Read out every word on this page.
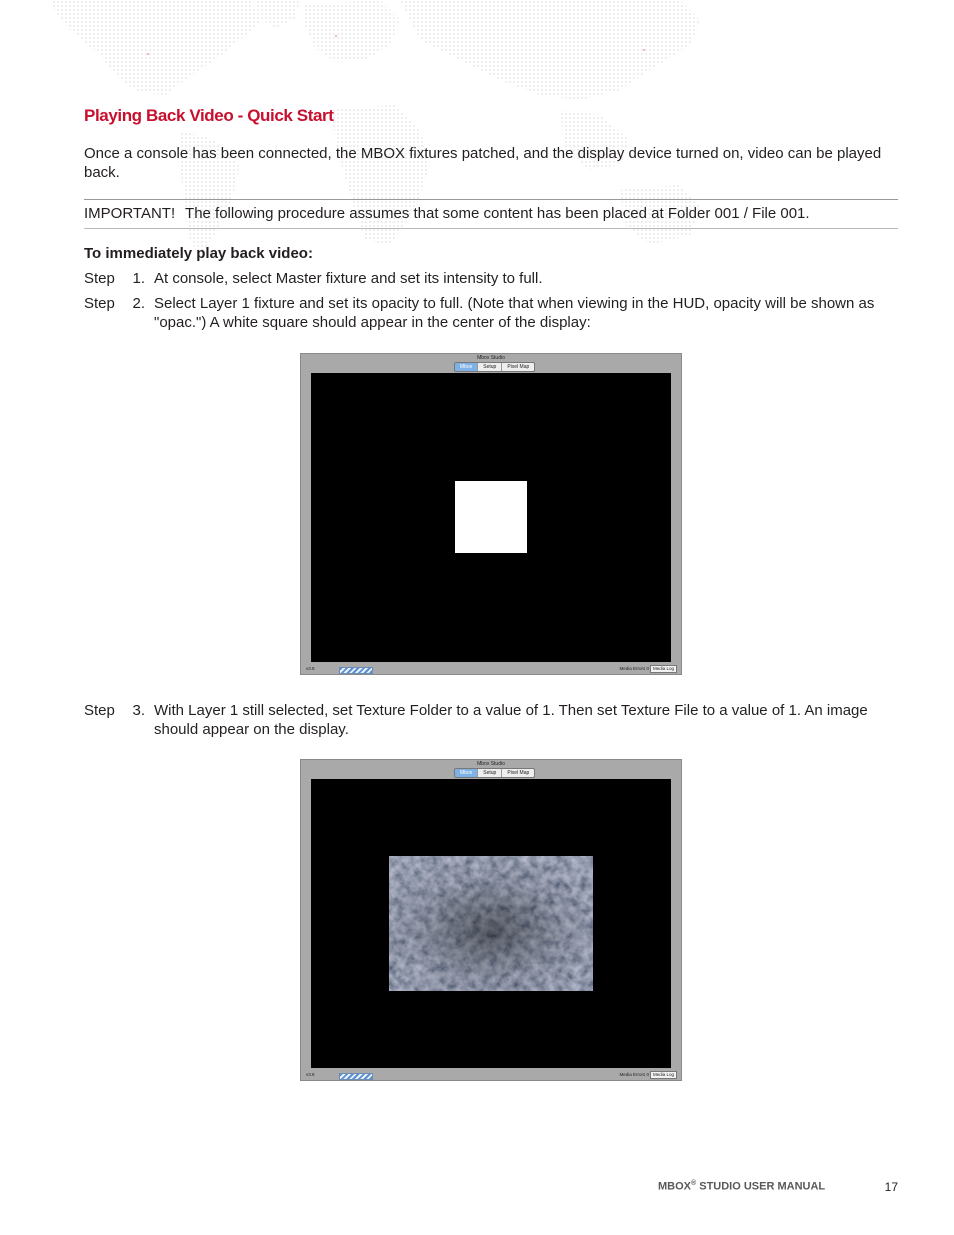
Playing Back Video - Quick Start

Once a console has been connected, the MBOX fixtures patched, and the display device turned on, video can be played back.

IMPORTANT! The following procedure assumes that some content has been placed at Folder 001 / File 001.
To immediately play back video:
Step 1. At console, select Master fixture and set its intensity to full.
Step 2. Select Layer 1 fixture and set its opacity to full. (Note that when viewing in the HUD, opacity will be shown as "opac.") A white square should appear in the center of the display:
Mbox Studio
Mbox	Setup	Pixel Map
v3.8	Media Errors 0 Media Log
Step 3. With Layer 1 still selected, set Texture Folder to a value of 1. Then set Texture File to a value of 1. An image should appear on the display.
Mbox Studio
Mbox	Setup	Pixel Map
v3.8	Media Errors 0 Media Log

MBOX® STUDIO USER MANUAL	17
